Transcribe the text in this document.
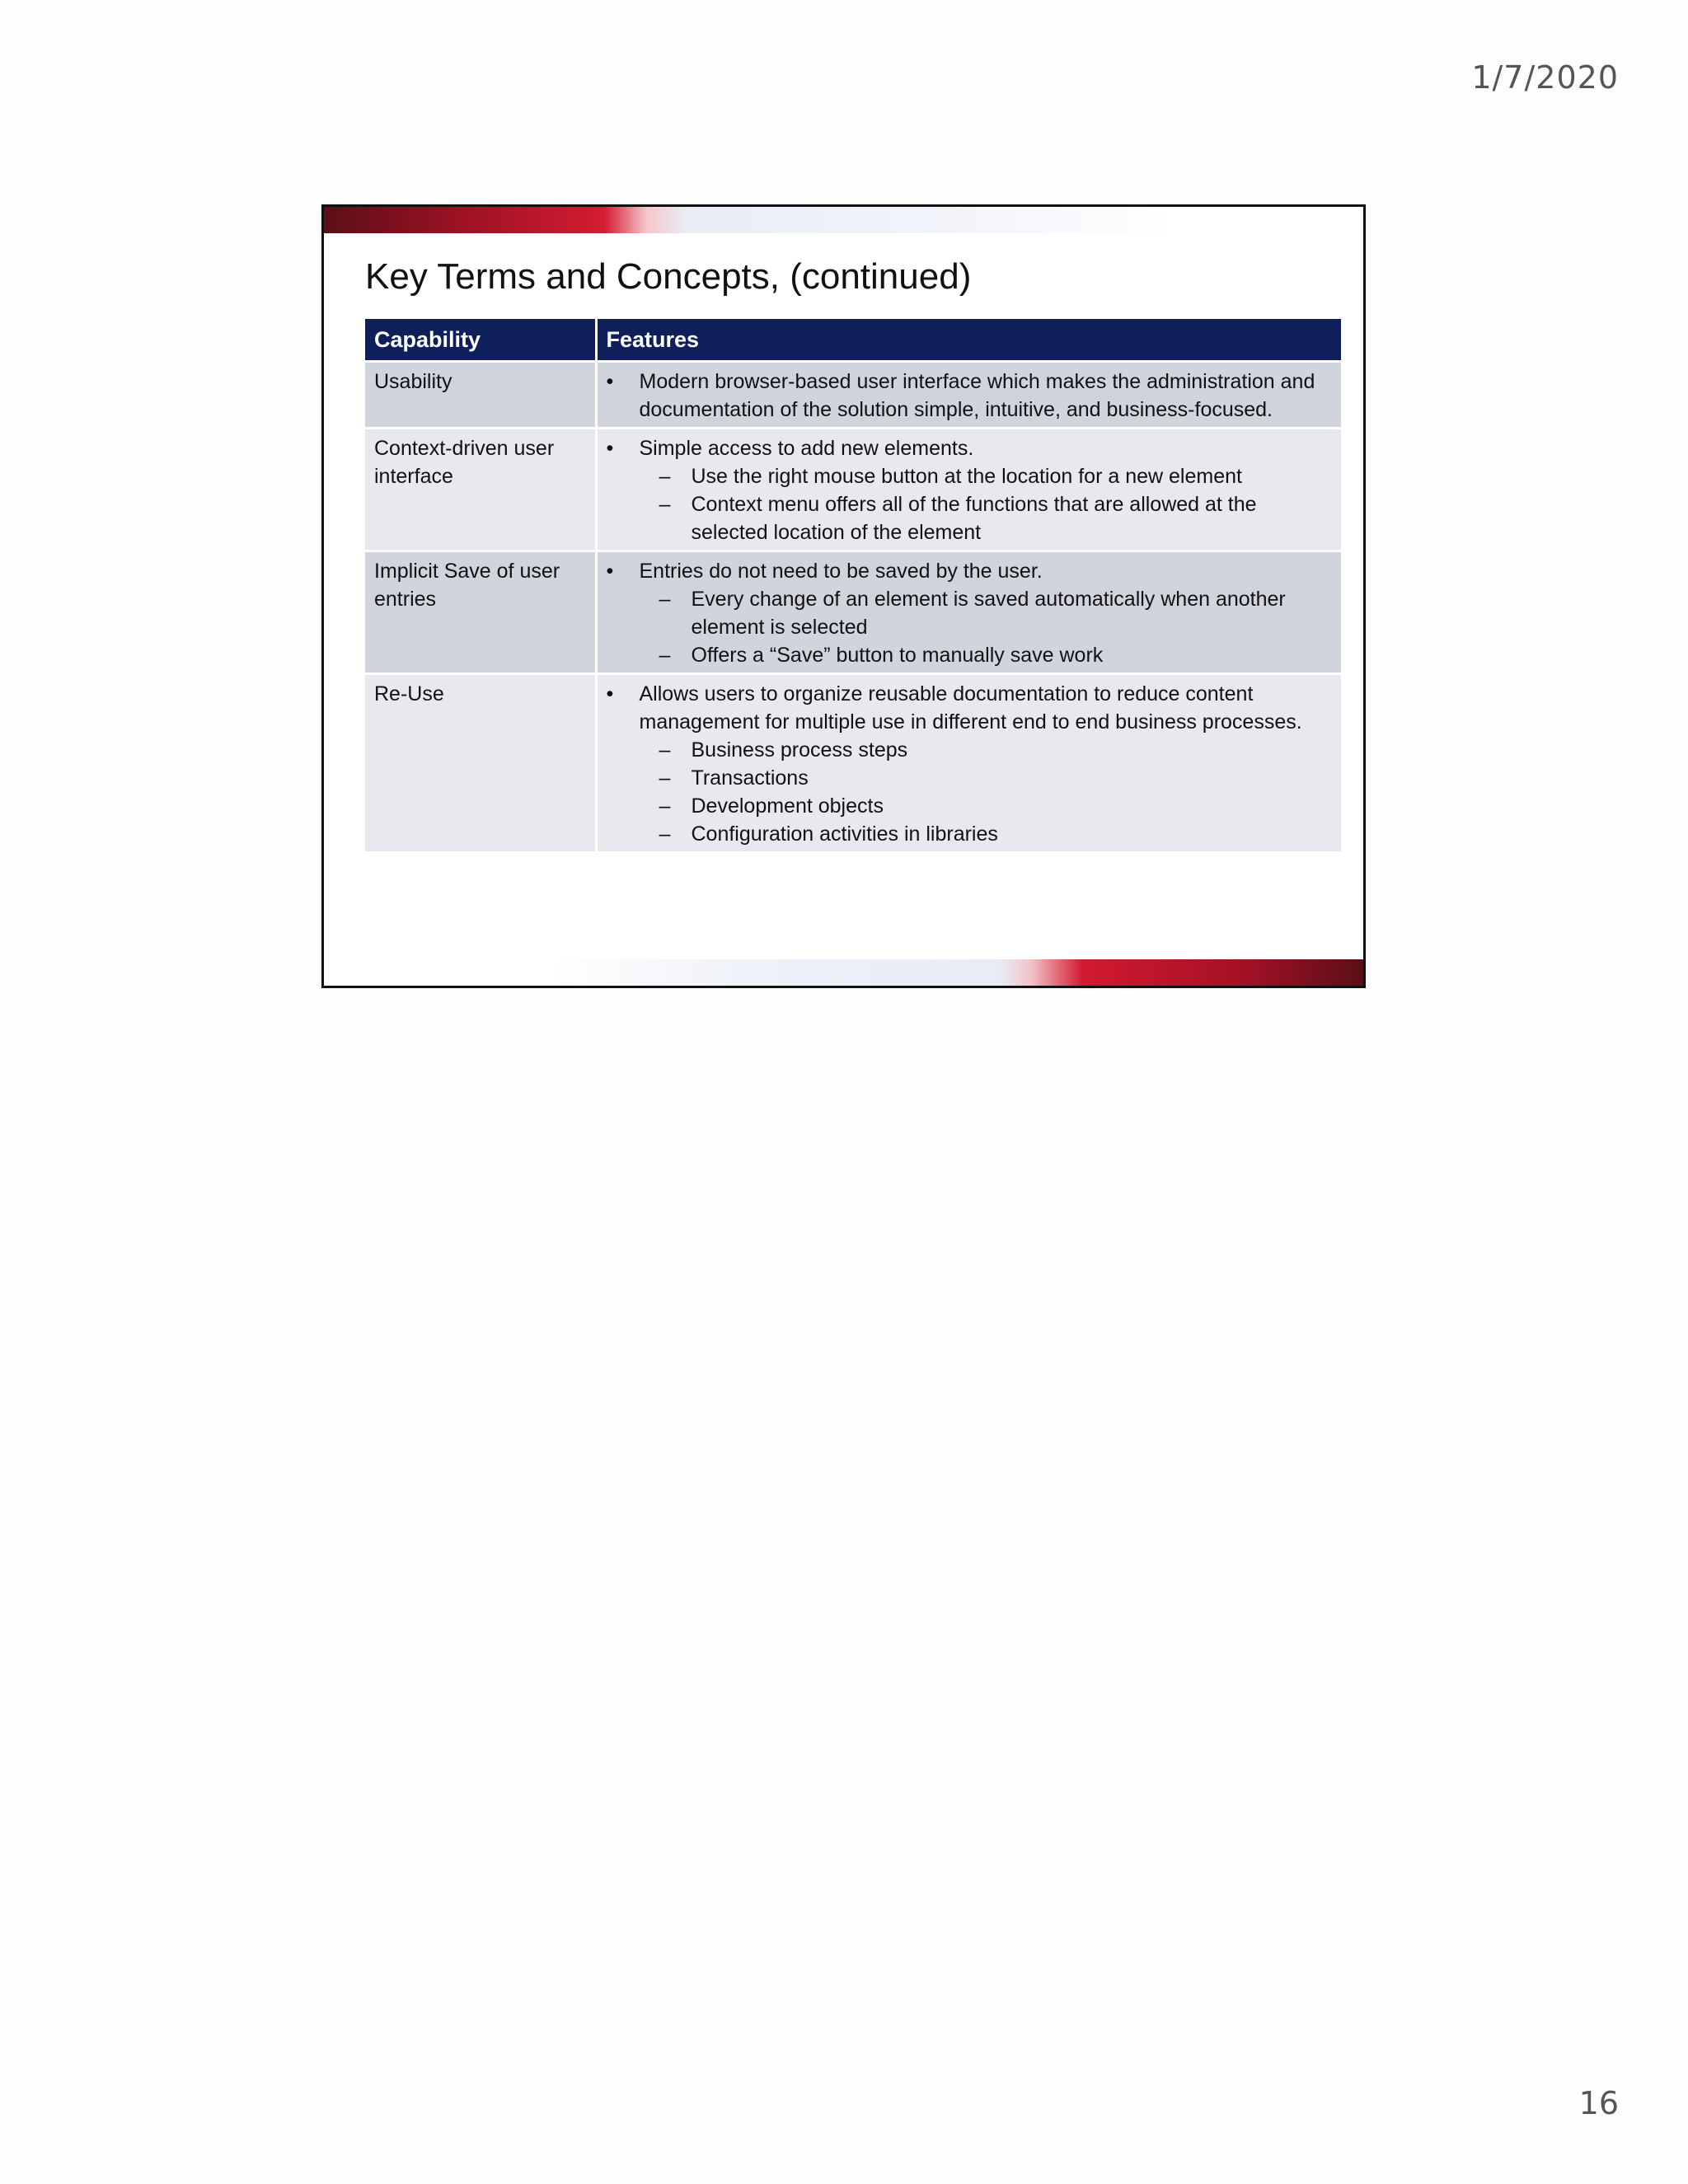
1/7/2020
Key Terms and Concepts, (continued)
Capability	Features
Usability	• Modern browser-based user interface which makes the administration and documentation of the solution simple, intuitive, and business-focused.

Context-driven user interface	• Simple access to add new elements.
– Use the right mouse button at the location for a new element
– Context menu offers all of the functions that are allowed at the selected location of the element

Implicit Save of user entries	• Entries do not need to be saved by the user.
– Every change of an element is saved automatically when another element is selected
– Offers a “Save” button to manually save work

Re-Use	• Allows users to organize reusable documentation to reduce content management for multiple use in different end to end business processes.
– Business process steps
– Transactions
– Development objects
– Configuration activities in libraries
16
